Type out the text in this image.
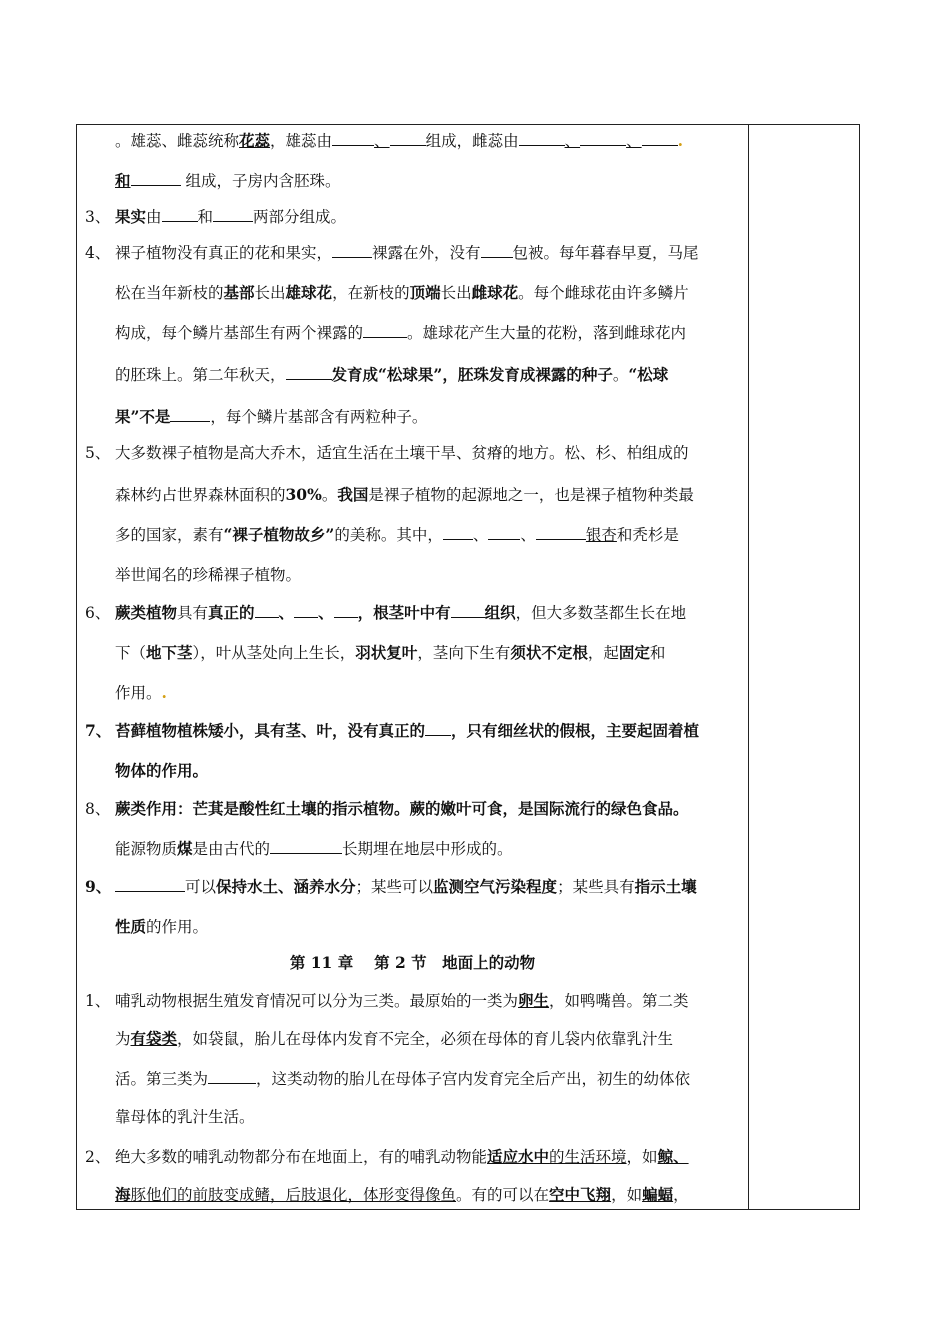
。雄蕊、雌蕊统称花蕊，雄蕊由	、 组成，雌蕊由	、	、 .
和	组成，子房内含胚珠。
3、 果实由 和	两部分组成。
4、 裸子植物没有真正的花和果实，	裸露在外，没有 包被。每年暮春早夏，马尾
松在当年新枝的基部长出雄球花，在新枝的顶端长出雌球花。每个雌球花由许多鳞片
构成，每个鳞片基部生有两个裸露的	。雄球花产生大量的花粉，落到雌球花内
的胚珠上。第二年秋天，	发育成“松球果”，胚珠发育成裸露的种子。“松球
果”不是	，每个鳞片基部含有两粒种子。
5、 大多数裸子植物是高大乔木，适宜生活在土壤干旱、贫瘠的地方。松、杉、柏组成的
森林约占世界森林面积的30%。我国是裸子植物的起源地之一，也是裸子植物种类最
多的国家，素有“裸子植物故乡”的美称。其中， 、 、	银杏和秃杉是
举世闻名的珍稀裸子植物。
6、 蕨类植物具有真正的 、 、 ，根茎叶中有 组织，但大多数茎都生长在地
下（地下茎），叶从茎处向上生长，羽状复叶，茎向下生有须状不定根，起固定和
作用。.
7、 苔藓植物植株矮小，具有茎、叶，没有真正的 ，只有细丝状的假根，主要起固着植
物体的作用。
8、 蕨类作用：芒萁是酸性红土壤的指示植物。蕨的嫩叶可食，是国际流行的绿色食品。
能源物质煤是由古代的	长期埋在地层中形成的。
9、	可以保持水土、涵养水分；某些可以监测空气污染程度；某些具有指示土壤
性质的作用。
第 11 章　 第 2 节　地面上的动物
1、 哺乳动物根据生殖发育情况可以分为三类。最原始的一类为卵生，如鸭嘴兽。第二类
为有袋类，如袋鼠，胎儿在母体内发育不完全，必须在母体的育儿袋内依靠乳汁生
活。第三类为	，这类动物的胎儿在母体子宫内发育完全后产出，初生的幼体依
靠母体的乳汁生活。
2、 绝大多数的哺乳动物都分布在地面上，有的哺乳动物能适应水中的生活环境，如鲸、
海豚他们的前肢变成鳍，后肢退化，体形变得像鱼。有的可以在空中飞翔，如蝙蝠，
